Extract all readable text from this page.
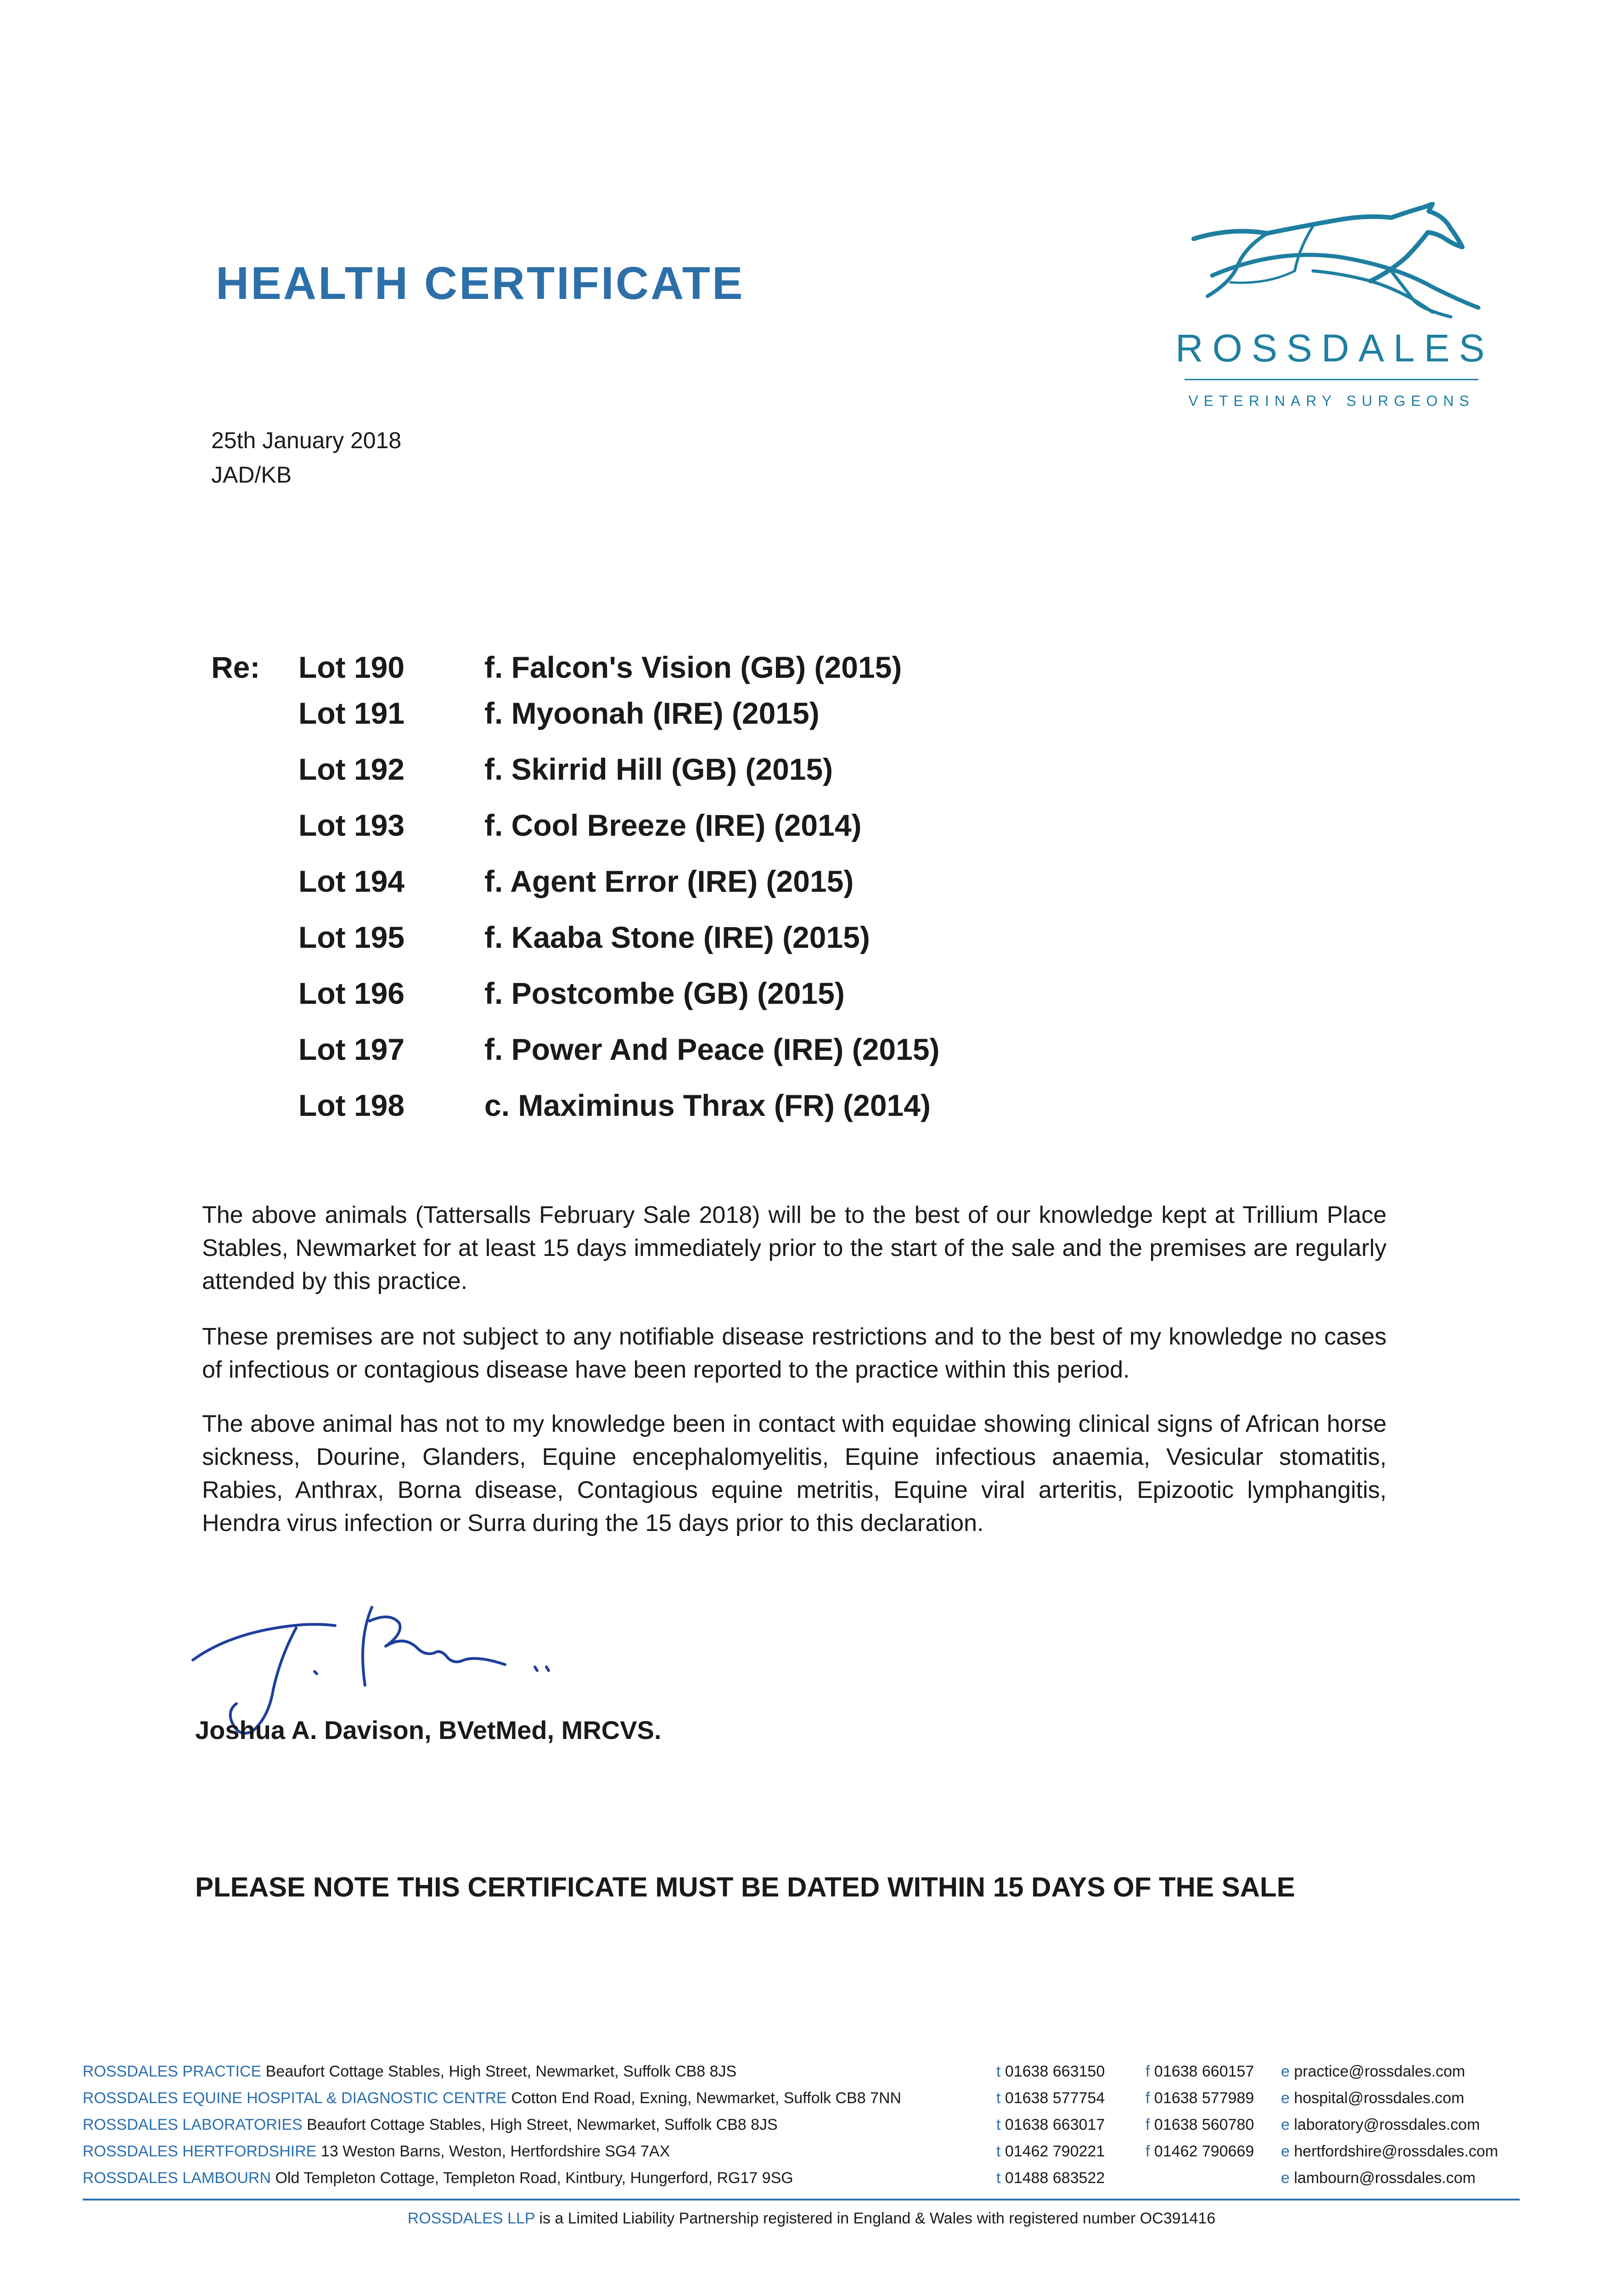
HEALTH CERTIFICATE
ROSSDALES
VETERINARY SURGEONS
25th January 2018
JAD/KB
Re: Lot 190	f. Falcon's Vision (GB) (2015)
Lot 191	f. Myoonah (IRE) (2015)
Lot 192	f. Skirrid Hill (GB) (2015)
Lot 193	f. Cool Breeze (IRE) (2014)
Lot 194	f. Agent Error (IRE) (2015)
Lot 195	f. Kaaba Stone (IRE) (2015)
Lot 196	f. Postcombe (GB) (2015)
Lot 197	f. Power And Peace (IRE) (2015)
Lot 198	c. Maximinus Thrax (FR) (2014)
The above animals (Tattersalls February Sale 2018) will be to the best of our knowledge kept at Trillium Place Stables, Newmarket for at least 15 days immediately prior to the start of the sale and the premises are regularly attended by this practice.
These premises are not subject to any notifiable disease restrictions and to the best of my knowledge no cases of infectious or contagious disease have been reported to the practice within this period.
The above animal has not to my knowledge been in contact with equidae showing clinical signs of African horse sickness, Dourine, Glanders, Equine encephalomyelitis, Equine infectious anaemia, Vesicular stomatitis, Rabies, Anthrax, Borna disease, Contagious equine metritis, Equine viral arteritis, Epizootic lymphangitis, Hendra virus infection or Surra during the 15 days prior to this declaration.
Joshua A. Davison, BVetMed, MRCVS.
PLEASE NOTE THIS CERTIFICATE MUST BE DATED WITHIN 15 DAYS OF THE SALE
ROSSDALES PRACTICE Beaufort Cottage Stables, High Street, Newmarket, Suffolk CB8 8JS	t 01638 663150	f 01638 660157 e practice@rossdales.com
ROSSDALES EQUINE HOSPITAL & DIAGNOSTIC CENTRE Cotton End Road, Exning, Newmarket, Suffolk CB8 7NN	t 01638 577754	f 01638 577989 e hospital@rossdales.com
ROSSDALES LABORATORIES Beaufort Cottage Stables, High Street, Newmarket, Suffolk CB8 8JS	t 01638 663017	f 01638 560780 e laboratory@rossdales.com
ROSSDALES HERTFORDSHIRE 13 Weston Barns, Weston, Hertfordshire SG4 7AX	t 01462 790221	f 01462 790669 e hertfordshire@rossdales.com
ROSSDALES LAMBOURN Old Templeton Cottage, Templeton Road, Kintbury, Hungerford, RG17 9SG	t 01488 683522	e lambourn@rossdales.com
ROSSDALES LLP is a Limited Liability Partnership registered in England & Wales with registered number OC391416
